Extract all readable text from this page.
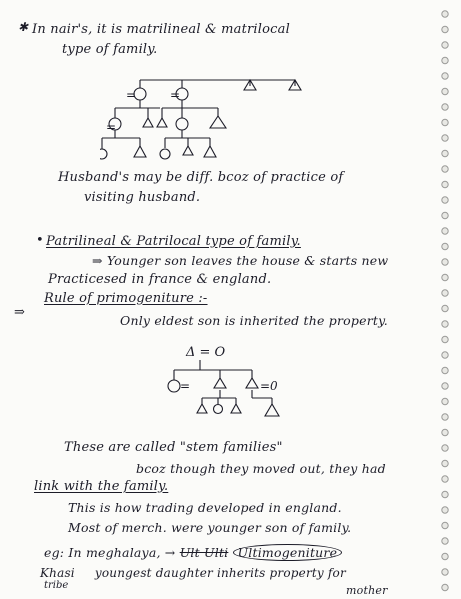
✱ In nair's, it is matrilineal & matrilocal
type of family.
=	=
=
Husband's may be diff. bcoz of practice of
visiting husband.
• Patrilineal & Patrilocal type of family.
⇒ Younger son leaves the house & starts new
Practicesed in france & england.
Rule of primogeniture :-
⇒
Only eldest son is inherited the property.
Δ = O
=	=0
These are called "stem families"
bcoz though they moved out, they had
link with the family.
This is how trading developed in england.
Most of merch. were younger son of family.
eg: In meghalaya, → Ult Ulti Ultimogeniture
Khasi youngest daughter inherits property for
tribe	mother
